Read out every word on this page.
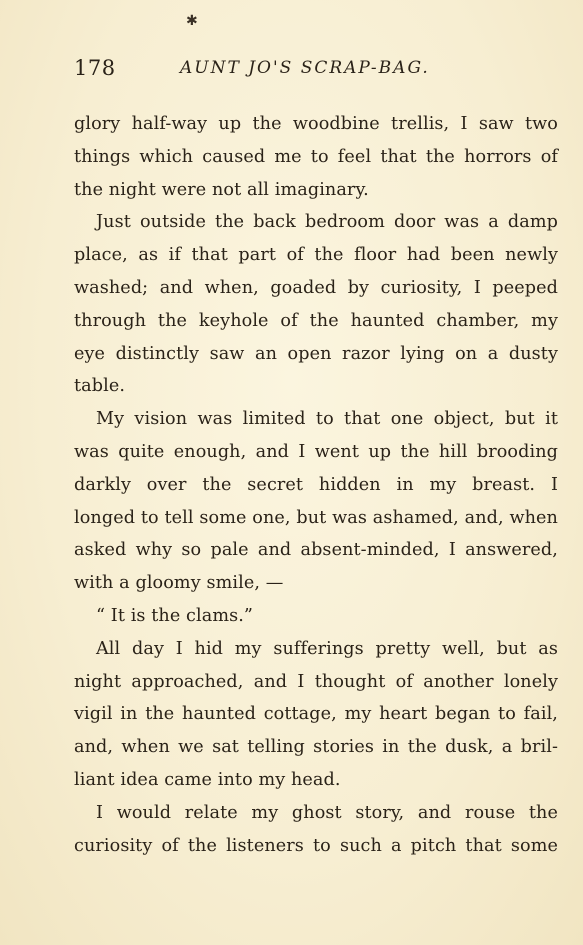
✱
178	AUNT JO'S SCRAP-BAG.
glory half-way up the woodbine trellis, I saw two
things which caused me to feel that the horrors of
the night were not all imaginary.
Just outside the back bedroom door was a damp
place, as if that part of the floor had been newly
washed; and when, goaded by curiosity, I peeped
through the keyhole of the haunted chamber, my
eye distinctly saw an open razor lying on a dusty
table.
My vision was limited to that one object, but it
was quite enough, and I went up the hill brooding
darkly over the secret hidden in my breast. I
longed to tell some one, but was ashamed, and, when
asked why so pale and absent-minded, I answered,
with a gloomy smile, —
“ It is the clams.”
All day I hid my sufferings pretty well, but as
night approached, and I thought of another lonely
vigil in the haunted cottage, my heart began to fail,
and, when we sat telling stories in the dusk, a bril-
liant idea came into my head.
I would relate my ghost story, and rouse the
curiosity of the listeners to such a pitch that some
